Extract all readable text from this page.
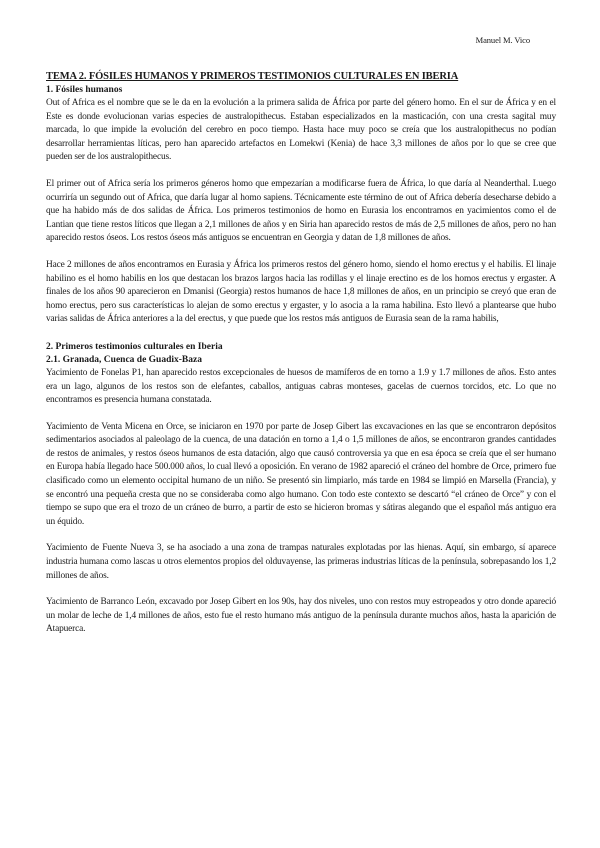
Manuel M. Vico
TEMA 2. FÓSILES HUMANOS Y PRIMEROS TESTIMONIOS CULTURALES EN IBERIA
1. Fósiles humanos

Out of Africa es el nombre que se le da en la evolución a la primera salida de África por parte del género homo. En el sur de África y en el Este es donde evolucionan varias especies de australopithecus. Estaban especializados en la masticación, con una cresta sagital muy marcada, lo que impide la evolución del cerebro en poco tiempo. Hasta hace muy poco se creía que los australopithecus no podían desarrollar herramientas líticas, pero han aparecido artefactos en Lomekwi (Kenia) de hace 3,3 millones de años por lo que se cree que pueden ser de los australopithecus.

El primer out of Africa sería los primeros géneros homo que empezarían a modificarse fuera de África, lo que daría al Neanderthal. Luego ocurriría un segundo out of Africa, que daría lugar al homo sapiens. Técnicamente este término de out of Africa debería desecharse debido a que ha habido más de dos salidas de África. Los primeros testimonios de homo en Eurasia los encontramos en yacimientos como el de Lantian que tiene restos líticos que llegan a 2,1 millones de años y en Siria han aparecido restos de más de 2,5 millones de años, pero no han aparecido restos óseos. Los restos óseos más antiguos se encuentran en Georgia y datan de 1,8 millones de años.

Hace 2 millones de años encontramos en Eurasia y África los primeros restos del género homo, siendo el homo erectus y el habilis. El linaje habilino es el homo habilis en los que destacan los brazos largos hacia las rodillas y el linaje erectino es de los homos erectus y ergaster. A finales de los años 90 aparecieron en Dmanisi (Georgia) restos humanos de hace 1,8 millones de años, en un principio se creyó que eran de homo erectus, pero sus características lo alejan de somo erectus y ergaster, y lo asocia a la rama habilina. Esto llevó a plantearse que hubo varias salidas de África anteriores a la del erectus, y que puede que los restos más antiguos de Eurasia sean de la rama habilis,

2. Primeros testimonios culturales en Iberia
2.1. Granada, Cuenca de Guadix-Baza

Yacimiento de Fonelas P1, han aparecido restos excepcionales de huesos de mamíferos de en torno a 1.9 y 1.7 millones de años. Esto antes era un lago, algunos de los restos son de elefantes, caballos, antiguas cabras monteses, gacelas de cuernos torcidos, etc. Lo que no encontramos es presencia humana constatada.

Yacimiento de Venta Micena en Orce, se iniciaron en 1970 por parte de Josep Gibert las excavaciones en las que se encontraron depósitos sedimentarios asociados al paleolago de la cuenca, de una datación en torno a 1,4 o 1,5 millones de años, se encontraron grandes cantidades de restos de animales, y restos óseos humanos de esta datación, algo que causó controversia ya que en esa época se creía que el ser humano en Europa había llegado hace 500.000 años, lo cual llevó a oposición. En verano de 1982 apareció el cráneo del hombre de Orce, primero fue clasificado como un elemento occipital humano de un niño. Se presentó sin limpiarlo, más tarde en 1984 se limpió en Marsella (Francia), y se encontró una pequeña cresta que no se consideraba como algo humano. Con todo este contexto se descartó “el cráneo de Orce” y con el tiempo se supo que era el trozo de un cráneo de burro, a partir de esto se hicieron bromas y sátiras alegando que el español más antiguo era un équido.

Yacimiento de Fuente Nueva 3, se ha asociado a una zona de trampas naturales explotadas por las hienas. Aquí, sin embargo, sí aparece industria humana como lascas u otros elementos propios del olduvayense, las primeras industrias líticas de la península, sobrepasando los 1,2 millones de años.

Yacimiento de Barranco León, excavado por Josep Gibert en los 90s, hay dos niveles, uno con restos muy estropeados y otro donde apareció un molar de leche de 1,4 millones de años, esto fue el resto humano más antiguo de la península durante muchos años, hasta la aparición de Atapuerca.
